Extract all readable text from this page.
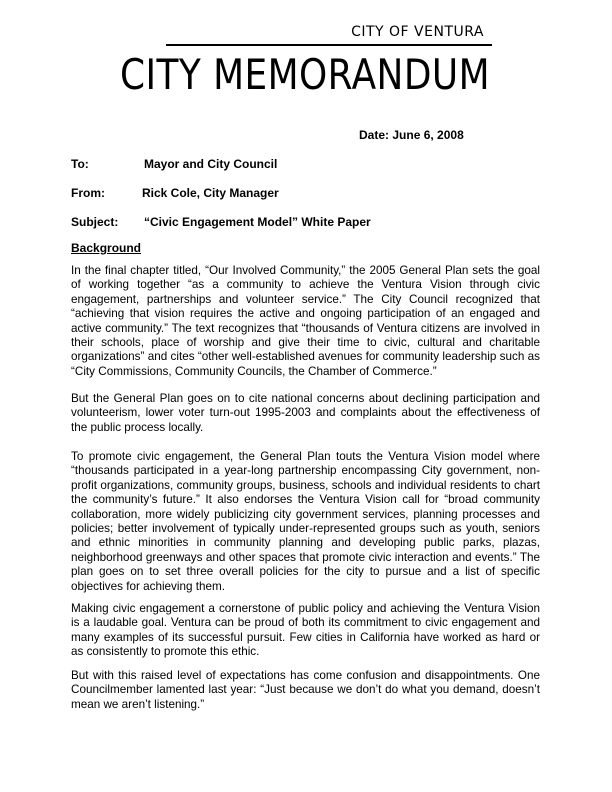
CITY OF VENTURA
CITY MEMORANDUM
Date: June 6, 2008
To:	Mayor and City Council
From:	Rick Cole, City Manager
Subject: “Civic Engagement Model” White Paper
Background

In the final chapter titled, “Our Involved Community,” the 2005 General Plan sets the goal of working together “as a community to achieve the Ventura Vision through civic engagement, partnerships and volunteer service.” The City Council recognized that “achieving that vision requires the active and ongoing participation of an engaged and active community.” The text recognizes that “thousands of Ventura citizens are involved in their schools, place of worship and give their time to civic, cultural and charitable organizations” and cites “other well-established avenues for community leadership such as “City Commissions, Community Councils, the Chamber of Commerce.”

But the General Plan goes on to cite national concerns about declining participation and volunteerism, lower voter turn-out 1995-2003 and complaints about the effectiveness of the public process locally.

To promote civic engagement, the General Plan touts the Ventura Vision model where “thousands participated in a year-long partnership encompassing City government, non-profit organizations, community groups, business, schools and individual residents to chart the community’s future.” It also endorses the Ventura Vision call for “broad community collaboration, more widely publicizing city government services, planning processes and policies; better involvement of typically under-represented groups such as youth, seniors and ethnic minorities in community planning and developing public parks, plazas, neighborhood greenways and other spaces that promote civic interaction and events.” The plan goes on to set three overall policies for the city to pursue and a list of specific objectives for achieving them.

Making civic engagement a cornerstone of public policy and achieving the Ventura Vision is a laudable goal. Ventura can be proud of both its commitment to civic engagement and many examples of its successful pursuit. Few cities in California have worked as hard or as consistently to promote this ethic.

But with this raised level of expectations has come confusion and disappointments. One Councilmember lamented last year: “Just because we don’t do what you demand, doesn’t mean we aren’t listening.”
